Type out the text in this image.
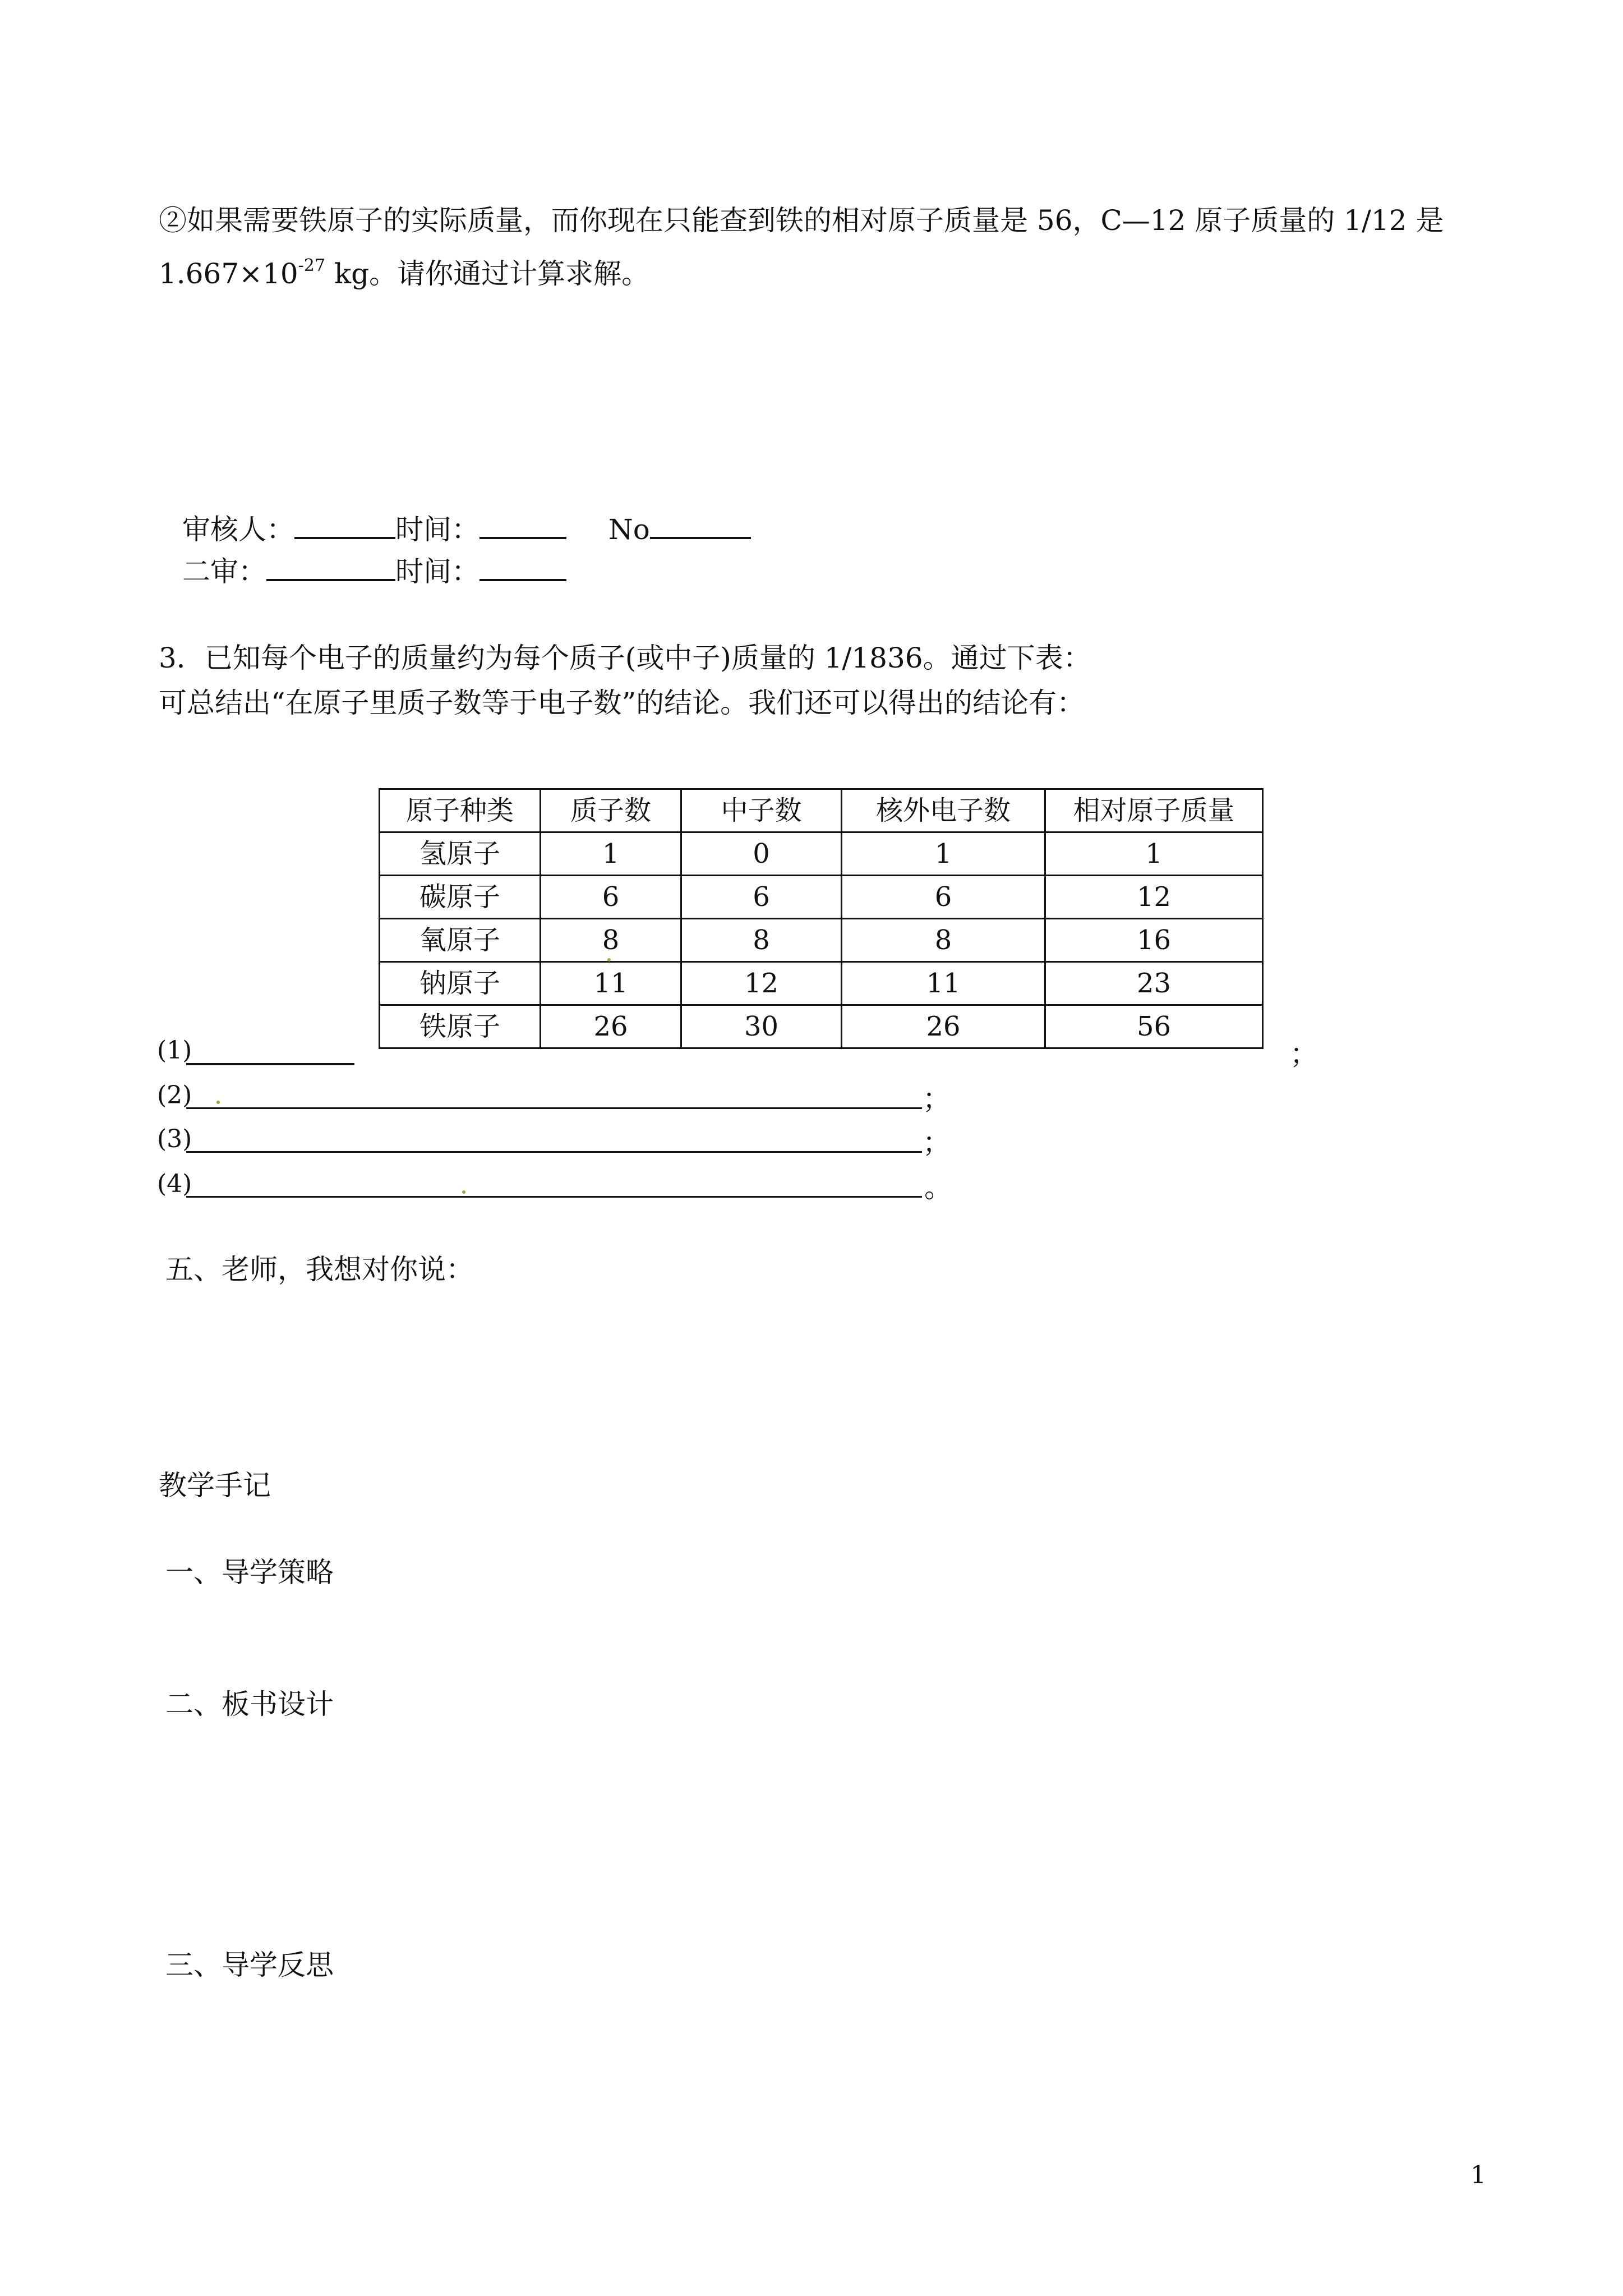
②如果需要铁原子的实际质量，而你现在只能查到铁的相对原子质量是 56，C—12 原子质量的 1/12 是
$1.667\times 10^{-27}$ kg。请你通过计算求解。
审核人：	时间：	No
二审：	时间：
3．已知每个电子的质量约为每个质子(或中子)质量的 1/1836。通过下表：
可总结出“在原子里质子数等于电子数”的结论。我们还可以得出的结论有：
原子种类	质子数	中子数	核外电子数	相对原子质量
氢原子	1	0	1	1
碳原子	6	6	6	12
氧原子	8	8	8	16
钠原子	11	12	11	23
铁原子	26	30	26	56
(1)	；
(2)	；
(3)	；
(4)	。
五、老师，我想对你说：
教学手记
一、导学策略
二、板书设计
三、导学反思
1
